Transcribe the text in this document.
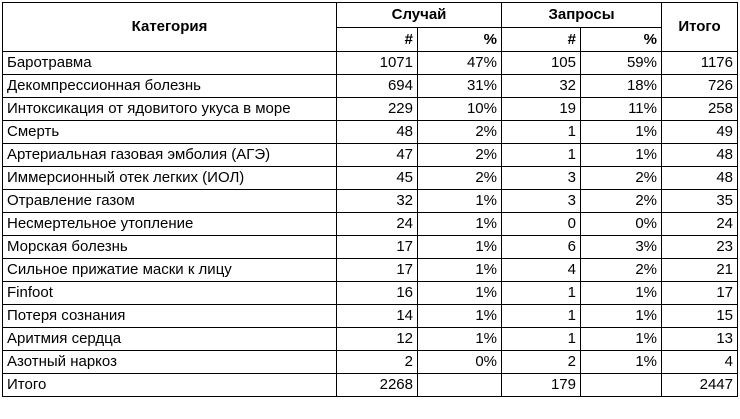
Категория	Случай		Запросы		Итого
	#	%	#	%	
Баротравма	1071	47%	105	59%	1176
Декомпрессионная болезнь	694	31%	32	18%	726
Интоксикация от ядовитого укуса в море	229	10%	19	11%	258
Смерть	48	2%	1	1%	49
Артериальная газовая эмболия (АГЭ)	47	2%	1	1%	48
Иммерсионный отек легких (ИОЛ)	45	2%	3	2%	48
Отравление газом	32	1%	3	2%	35
Несмертельное утопление	24	1%	0	0%	24
Морская болезнь	17	1%	6	3%	23
Сильное прижатие маски к лицу	17	1%	4	2%	21
Finfoot	16	1%	1	1%	17
Потеря сознания	14	1%	1	1%	15
Аритмия сердца	12	1%	1	1%	13
Азотный наркоз	2	0%	2	1%	4
Итого	2268		179		2447
